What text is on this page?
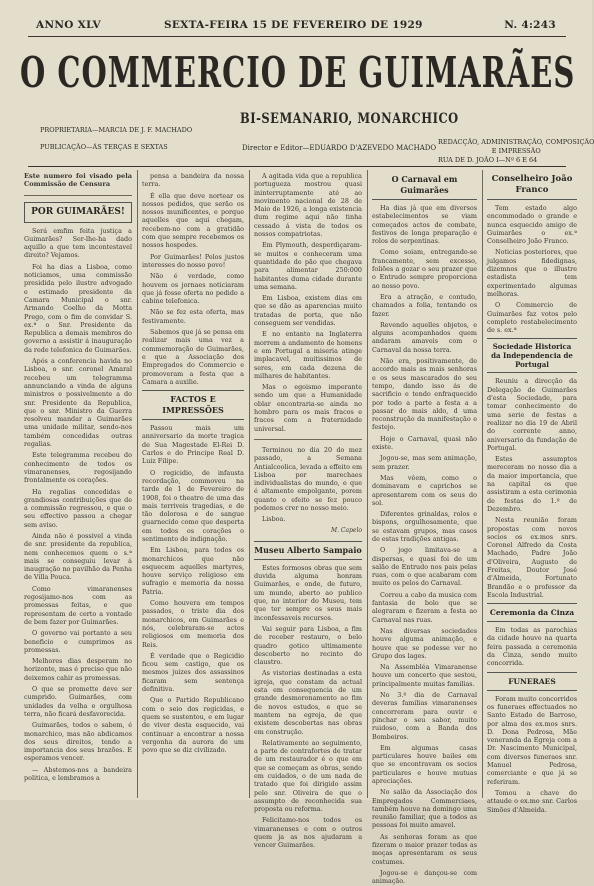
ANNO XLV	SEXTA-FEIRA 15 DE FEVEREIRO DE 1929	N. 4:243
O COMMERCIO DE GUIMARÃES
BI-SEMANARIO, MONARCHICO
PROPRIETARIA—MARCIA DE J. F. MACHADO
PUBLICAÇÃO—ÁS TERÇAS E SEXTAS	Director e Editor—EDUARDO D'AZEVEDO MACHADO
REDACÇÃO, ADMINISTRAÇÃO, COMPOSIÇÃO
E IMPRESSÃO
RUA DE D. JOÃO I—Nº 6 E 64
Este numero foi visado pela Commissão de Censura
POR GUIMARÃES!

Será emfim feita justiça a Guimarães? Ser-lhe-ha dado aquillo a que tem incontestavel direito? Vejamos.

Foi ha dias a Lisboa, como noticiamos, uma commissão presidida pelo ilustre advogado e estimado presidente da Camara Municipal o snr. Armando Coelho da Motta Prego, com o fim de convidar S. ex.ª o Snr. Presidente da Republica a demais membros do governo a assistir á inauguração da rede telefonica de Guimarães.

Após a conferencia havida no Lisboa, o snr. coronel Amaral recebeu um telegramma annunciando a vinda de alguns ministros e possivelmente a do snr. Presidente da Republica, que o snr. Ministro da Guerra resolveu mandar a Guimarães uma unidade militar, sendo-nos também concedidas outras regalias.

Este telegramma recebeu do conhecimento de todos os vimaranenses, regosijando frontalmente os corações.

Ha regalias concedidas e grandiosas contribuições que de a commissão regressou, e que o seu effectivo passou a chegar sem aviso.

Ainda não é possivel a vinda de snr. presidente da republica, nem conhecemos quem o s.ª mais se conseguiu levar á inaugração no pavilhão da Penha de Villa Pouca.

Como vimaranenses regosijamo-nos com as promessas feitas, e que representam de certo a vontade de bem fazer por Guimarães.

O governo vai portanto a seu beneficio e cumprimos as promessas.

Melhores dias desperam no horizonte, mas é preciso que não deixemos cahir as promessas.

O que se promette deve ser cumprido. Guimarães, com unidades da velha e orgulhosa terra, não ficará desfavorecida.

Guimarães, todos o sabem, é monarchico, mas não abdicamos dos seus direitos, tendo a importancia dos seus brazões. E esperamos vencer.

— Abstemos-nos a bandeira politica, e lembramos a

pensa a bandeira da nossa terra.

É ella que deve nortear os nossos pedidos, que serão os nossos munificentes, e porque aquelles que aqui chegam, recebem-no com a gratidão com que sempre recebemos os nossos hospedes.

Por Guimarães! Pelos justos interesses do nosso povo!

Não é verdade, como houvem os jornaes noticiaram que já fosse oferta no pedido a cabine telefonica.

Não se fez esta oferta, mas festivamente.

Sabemos que já se pensa em realizar mais uma vez a commemoração de Guimarães, e que a Associação dos Empregados do Commercio e promoveram a festa que a Camara a auxilie.

FACTOS E IMPRESSÕES

Passou mais um anniversario da morte tragica de Sua Magestade El-Rei D. Carlos e do Principe Real D. Luiz Filipe.

O regicidio, de infausta recordação, commoveu na tarde de 1 de Fevereiro de 1908, foi o theatro de uma das mais terriveis tragedias, e de tão dolorosa e de sangue guarnecido como que desperta em todos os corações o sentimento de indignação.

Em Lisboa, para todos os monarchicos que não esquecem aquelles martyres, houve serviço religioso em sufragio e memoria da nossa Patria.

Como houvera em tempos passados, o triste dia dos monarchicos, em Guimarães e nós, celebraram-se actos religiosos em memoria dos Reis.

É verdade que o Regicidio ficou sem castigo, que os mesmos juizes dos assassinos ficaram sem sentença definitiva.

Que o Partido Republicano com o seio dos regicidas, e quem se sustentou, e em lugar de viver desta esquecido, vai continuar a encontrar a nossa vergonha da aurora de um povo que se diz civilizado.

A agitada vida que a republica portugueza mostrou quasi ininterruptamente até ao movimento nacional de 28 de Maio de 1926, a longa existencia dum regime aqui não tinha cessado á vista de todos os nossos compatriotas.

Em Plymouth, desperdiçaram-se muitos e conheceram uma quantidade de pão que chegava para alimentar 250:000 habitantes duma cidade durante uma semana.

Em Lisboa, existem dias em que se dão as aparencias muito tratadas de porta, que não conseguem ser vendidas.

E no entanto na Inglaterra morrem a andamento de homens e em Portugal a miseria atinge implacavel, muitissimos de seres, em cada dezena de milhares de habitantes.

Mas o egoismo imperante sendo um que a Humanidade oblar encontraria-se ainda no hombro para os mais fracos e fracos com a fraternidade universal.

Terminou no dia 20 do mez passado, a Semana Antialcoolica, levada a effeito em Lisboa por marechaes individualistas do mundo, e que é altamente empolgante, porem quanto o efeito se fez pouco podemos crer no nosso meio.

Lisboa.

M. Capelo
Museu Alberto Sampaio

Estes formosos obras que sem duvida alguma honram Guimarães, e onde, de futuro, um mundo, aberto ao publico que, no interior do Museu, tem que ter sempre os seus mais inconfessaveis recursos.

Vai seguir para Lisboa, a fim de receber restauro, o belo quadro gotico ultimamente descoberto no recinto do claustro.

As vistorias destinadas a esta igreja, que constam da actual esta em consequencia de um grande desmoronamento ao fim de novos estudos, e que se mantem na egreja, de que existem descobertas nas obras em construção.

Relativamente ao seguimento, a parte de contrafortes de tratar de um restaurador é o que em que se começam as obras, sendo em cuidados, o de um nada de tratado que foi dirigido assim pelo snr. Oliveira de que o assumpto de reconhecida sua proposta ou reforma.

Felicitamo-nos todos os vimaranenses e com o outros quem ja as nos ajudaram a vencer Guimarães.

O Carnaval em Guimarães

Ha dias já que em diversos estabelecimentos se viam começados actos de combate, festivos de longa preparação e rolos de serpentinas.

Como soiam, entregando-se francamente, sem excesso, foliões a gozar o seu prazer que o Entrudo sempre proporciona ao nosso povo.

Era a atração, e contudo, chamados a folia, tentando os fazer.

Revendo aquelles objetos, e alguns acompanhados quem andaram amaveis com o Carnaval da nossa terra.

Não era, positivamente, de accordo mais as mais senhoras e os seus mascarados do seu tempo, dando isso ás de sacrificio e tendo enfraquecido por todo a parte a festa a a passar do mais aldo, d uma reconstrução da manifestação e festejo.

Hoje o Carnaval, quasi não existe.

Jogou-se, mas sem animação, sem prazer.

Mas vêem, como o dominavam e caprichos se apresentarem com os seus do sol.

Diferentes grinaldas, rolos e bispons, orgulhosamente, que se estavam grupos, mas casos de estas tradições antigas.

O jogo limitava-se a dispersas, e quasi foi de um salão de Entrudo nos pais pelas ruas, com o que acabaram com muito os pelos do Carnaval.

Correu a cabo da musica com fantasia de bolo que se alegraram e fizeram a festa ao Carnaval nas ruas.

Nas diversas sociedades houve alguma animação, e houve que se podesse ver no Grupo dos lages.

Na Assembléa Vimaranense houve um concerto que sestou, principalmente muitas familias.

No 3.º dia de Carnaval deveras familias vimaranenses concorreram para ouvir e pinchar o seu sabor, muito ruidoso, com a Banda dos Bombeiros.

Em algumas casas particulares houve bailes em que se encontravam os socios particulares e houve mutuas apreciações.

No salão da Associação dos Empregados Commerciaes, também houve na domingo uma reunião familiar, que a todos as pessoas foi muito amavel.

As senhoras foram as que fizeram o maior prazer todas as moças apresentaram os seus costumes.

Jogou-se e dançou-se com animação.

Conselheiro João Franco

Tem estado algo encommodado o grande e nunca esquecido amigo de Guimarães o ex.ª Conselheiro João Franco.

Noticias posteriores, que julgamos fidedignas, dizemnos que o illustre estadista tem experimentado algumas melhoras.

O Commercio de Guimarães faz votos pelo completo restabelecimento de s. ex.ª

Sociedade Historica da Independencia de Portugal

Reuniu a direcção da Delegação de Guimarães d'esta Sociedade, para tomar conhecimento de uma serie de festas a realizar no dia 19 de Abril do corrente anno, aniversario da fundação de Portugal.

Estes assumptos mereceram no nosso dia a da maior importancia, que na capital os que assistiram a esta cerimonia de festas do 1.º de Dezembro.

Nesta reunião foram propostas com novos socios os ex.mos snrs. Coronel Alfredo da Costa Machado, Padre João d'Oliveira, Augusto de Freitas, Doutor José d'Almeida, Fortunato Brandão e o professor da Escola Industrial.

Ceremonia da Cinza

Em todas as parochias da cidade houve na quarta feira passada a ceremonia da Cinza, sendo muito concorrida.

FUNERAES

Foram muito concorridos os funeraes effectuados no Santo Estado de Barroso, por alma dos ex.mos snrs. D. Dona Pedrosa, Mãe veneranda da Egreja com a Dr. Nascimento Municipal, com diversos funeraes snr. Manuel Pedrosa, comerciante e que já se referiram.

Tomou a chave do attaude o ex.mo snr. Carlos Simões d'Almeida.
